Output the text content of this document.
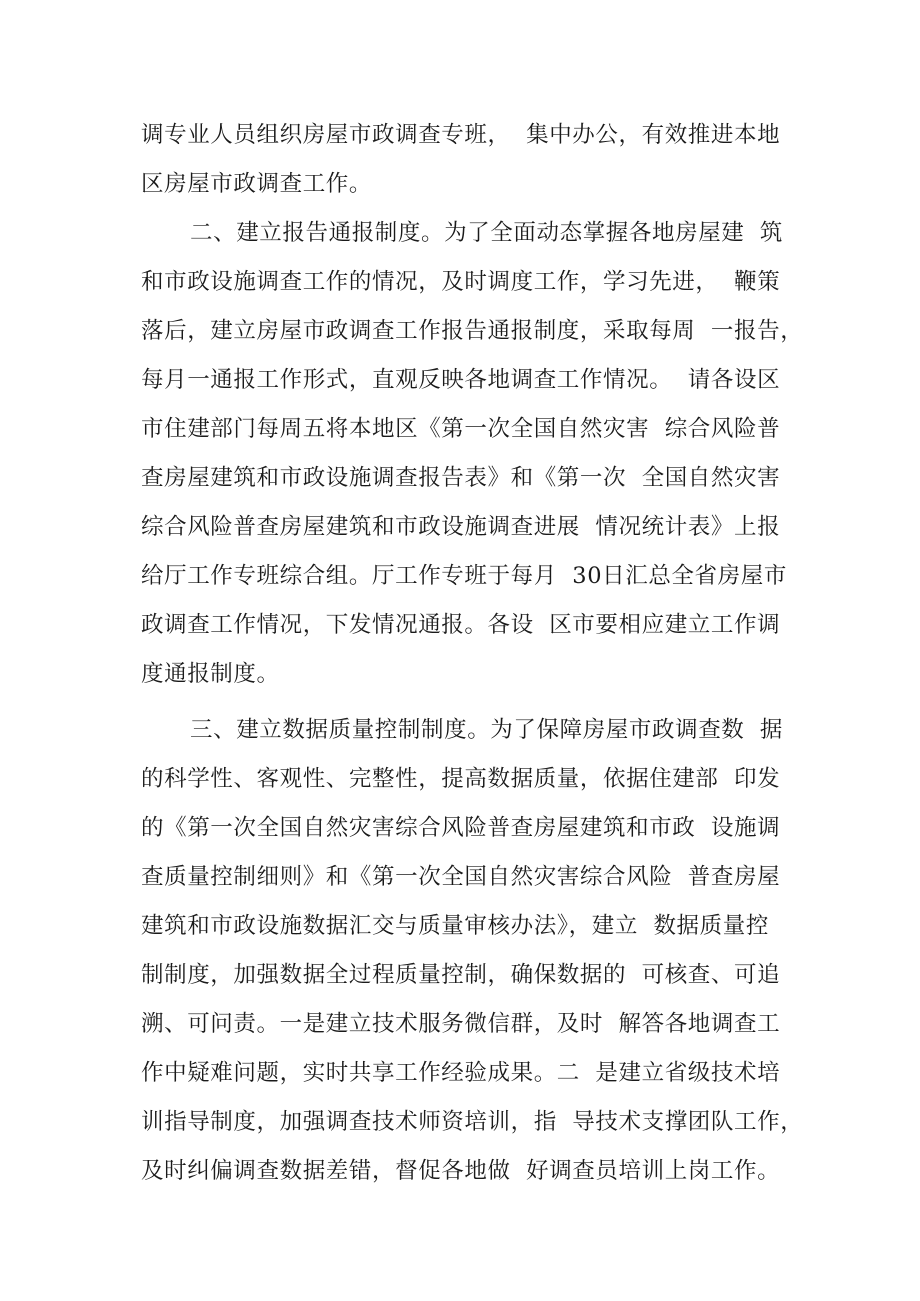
调专业人员组织房屋市政调查专班，  集中办公，有效推进本地
区房屋市政调查工作。
二、建立报告通报制度。为了全面动态掌握各地房屋建  筑
和市政设施调查工作的情况，及时调度工作，学习先进，  鞭策
落后，建立房屋市政调查工作报告通报制度，采取每周  一报告，
每月一通报工作形式，直观反映各地调查工作情况。  请各设区
市住建部门每周五将本地区《第一次全国自然灾害  综合风险普
查房屋建筑和市政设施调查报告表》和《第一次  全国自然灾害
综合风险普查房屋建筑和市政设施调查进展  情况统计表》上报
给厅工作专班综合组。厅工作专班于每月  30日汇总全省房屋市
政调查工作情况，下发情况通报。各设  区市要相应建立工作调
度通报制度。
三、建立数据质量控制制度。为了保障房屋市政调查数  据
的科学性、客观性、完整性，提高数据质量，依据住建部  印发
的《第一次全国自然灾害综合风险普查房屋建筑和市政  设施调
查质量控制细则》和《第一次全国自然灾害综合风险  普查房屋
建筑和市政设施数据汇交与质量审核办法》，建立  数据质量控
制制度，加强数据全过程质量控制，确保数据的  可核查、可追
溯、可问责。一是建立技术服务微信群，及时  解答各地调查工
作中疑难问题，实时共享工作经验成果。二  是建立省级技术培
训指导制度，加强调查技术师资培训，指  导技术支撑团队工作，
及时纠偏调查数据差错，督促各地做  好调查员培训上岗工作。
